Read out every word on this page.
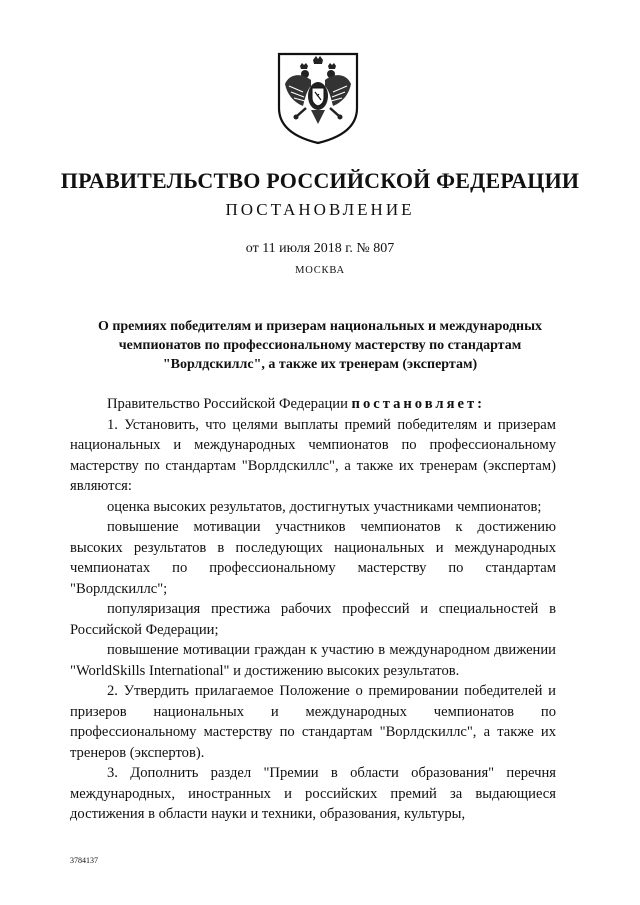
ПРАВИТЕЛЬСТВО РОССИЙСКОЙ ФЕДЕРАЦИИ
ПОСТАНОВЛЕНИЕ
от 11 июля 2018 г. № 807
МОСКВА
О премиях победителям и призерам национальных и международных
чемпионатов по профессиональному мастерству по стандартам
"Ворлдскиллс", а также их тренерам (экспертам)

Правительство Российской Федерации постановляет:

1. Установить, что целями выплаты премий победителям и призерам национальных и международных чемпионатов по профессиональному мастерству по стандартам "Ворлдскиллс", а также их тренерам (экспертам) являются:

оценка высоких результатов, достигнутых участниками чемпионатов;

повышение мотивации участников чемпионатов к достижению высоких результатов в последующих национальных и международных чемпионатах по профессиональному мастерству по стандартам "Ворлдскиллс";

популяризация престижа рабочих профессий и специальностей в Российской Федерации;

повышение мотивации граждан к участию в международном движении "WorldSkills International" и достижению высоких результатов.

2. Утвердить прилагаемое Положение о премировании победителей и призеров национальных и международных чемпионатов по профессиональному мастерству по стандартам "Ворлдскиллс", а также их тренеров (экспертов).

3. Дополнить раздел "Премии в области образования" перечня международных, иностранных и российских премий за выдающиеся достижения в области науки и техники, образования, культуры,

3784137
